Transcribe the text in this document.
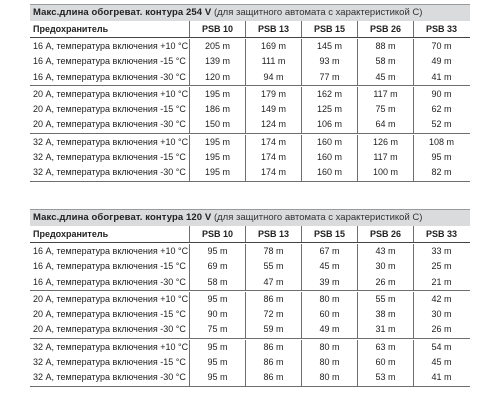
Макс.длина обогреват. контура 254 V (для защитного автомата с характеристикой С)
Предохранитель	PSB 10	PSB 13	PSB 15	PSB 26	PSB 33
16 А, температура включения +10 °C	205 m	169 m	145 m	88 m	70 m
16 А, температура включения -15 °C	139 m	111 m	93 m	58 m	49 m
16 А, температура включения -30 °C	120 m	94 m	77 m	45 m	41 m
20 А, температура включения +10 °C	195 m	179 m	162 m	117 m	90 m
20 А, температура включения -15 °C	186 m	149 m	125 m	75 m	62 m
20 А, температура включения -30 °C	150 m	124 m	106 m	64 m	52 m
32 А, температура включения +10 °C	195 m	174 m	160 m	126 m	108 m
32 А, температура включения -15 °C	195 m	174 m	160 m	117 m	95 m
32 А, температура включения -30 °C	195 m	174 m	160 m	100 m	82 m
Макс.длина обогреват. контура 120 V (для защитного автомата с характеристикой С)
Предохранитель	PSB 10	PSB 13	PSB 15	PSB 26	PSB 33
16 А, температура включения +10 °C	95 m	78 m	67 m	43 m	33 m
16 А, температура включения -15 °C	69 m	55 m	45 m	30 m	25 m
16 А, температура включения -30 °C	58 m	47 m	39 m	26 m	21 m
20 А, температура включения +10 °C	95 m	86 m	80 m	55 m	42 m
20 А, температура включения -15 °C	90 m	72 m	60 m	38 m	30 m
20 А, температура включения -30 °C	75 m	59 m	49 m	31 m	26 m
32 А, температура включения +10 °C	95 m	86 m	80 m	63 m	54 m
32 А, температура включения -15 °C	95 m	86 m	80 m	60 m	45 m
32 А, температура включения -30 °C	95 m	86 m	80 m	53 m	41 m
